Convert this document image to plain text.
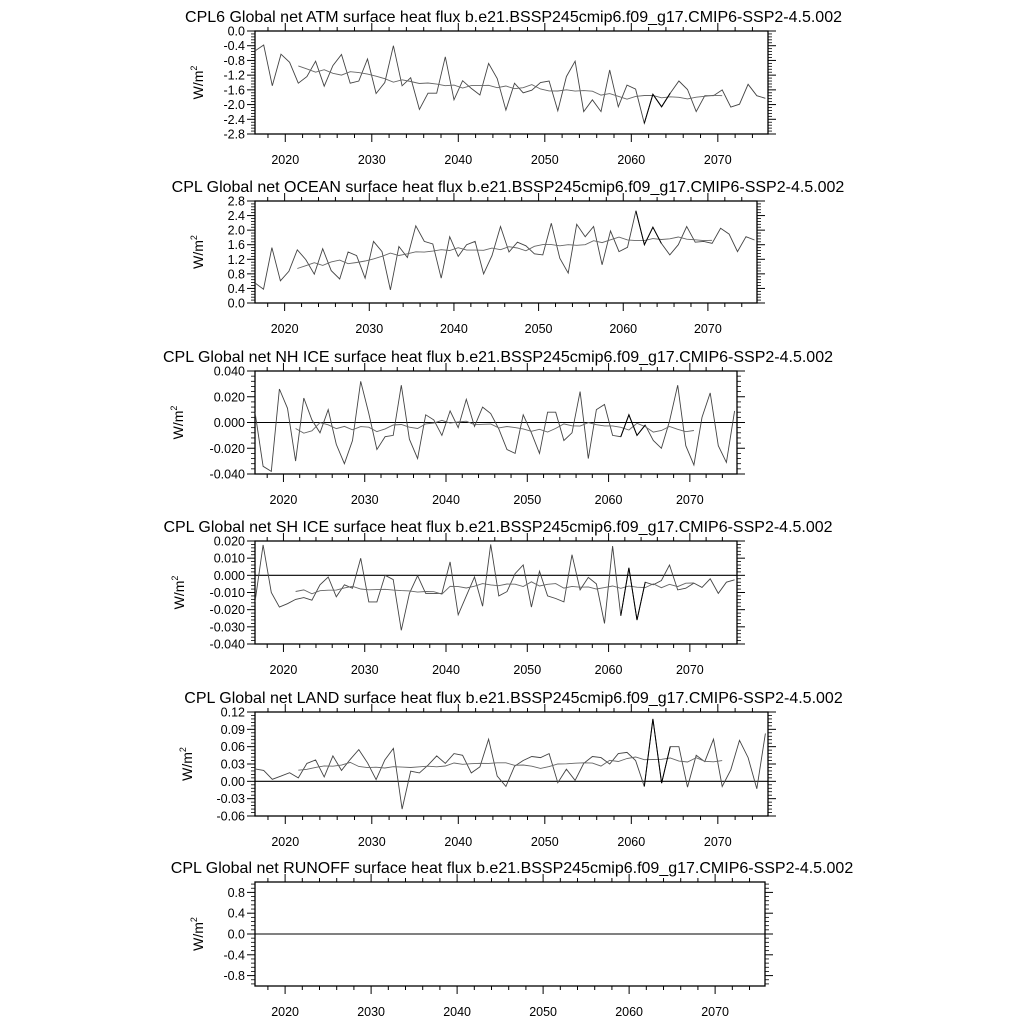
CPL6 Global net ATM surface heat flux b.e21.BSSP245cmip6.f09_g17.CMIP6-SSP2-4.5.002
2020	2030	2040	2050	2060	2070
0.0
-0.4
-0.8
-1.2
-1.6
-2.0
-2.4
-2.8
$W/m^2$
CPL Global net OCEAN surface heat flux b.e21.BSSP245cmip6.f09_g17.CMIP6-SSP2-4.5.002
2020	2030	2040	2050	2060	2070
2.8
2.4
2.0
1.6
1.2
0.8
0.4
0.0
$W/m^2$
CPL Global net NH ICE surface heat flux b.e21.BSSP245cmip6.f09_g17.CMIP6-SSP2-4.5.002
2020	2030	2040	2050	2060	2070
0.040
0.020
0.000
-0.020
-0.040
$W/m^2$
CPL Global net SH ICE surface heat flux b.e21.BSSP245cmip6.f09_g17.CMIP6-SSP2-4.5.002
2020	2030	2040	2050	2060	2070
0.020
0.010
0.000
-0.010
-0.020
-0.030
-0.040
$W/m^2$
CPL Global net LAND surface heat flux b.e21.BSSP245cmip6.f09_g17.CMIP6-SSP2-4.5.002
2020	2030	2040	2050	2060	2070
0.12
0.09
0.06
0.03
0.00
-0.03
-0.06
$W/m^2$
CPL Global net RUNOFF surface heat flux b.e21.BSSP245cmip6.f09_g17.CMIP6-SSP2-4.5.002
2020	2030	2040	2050	2060	2070
0.8
0.4
0.0
-0.4
-0.8
$W/m^2$
